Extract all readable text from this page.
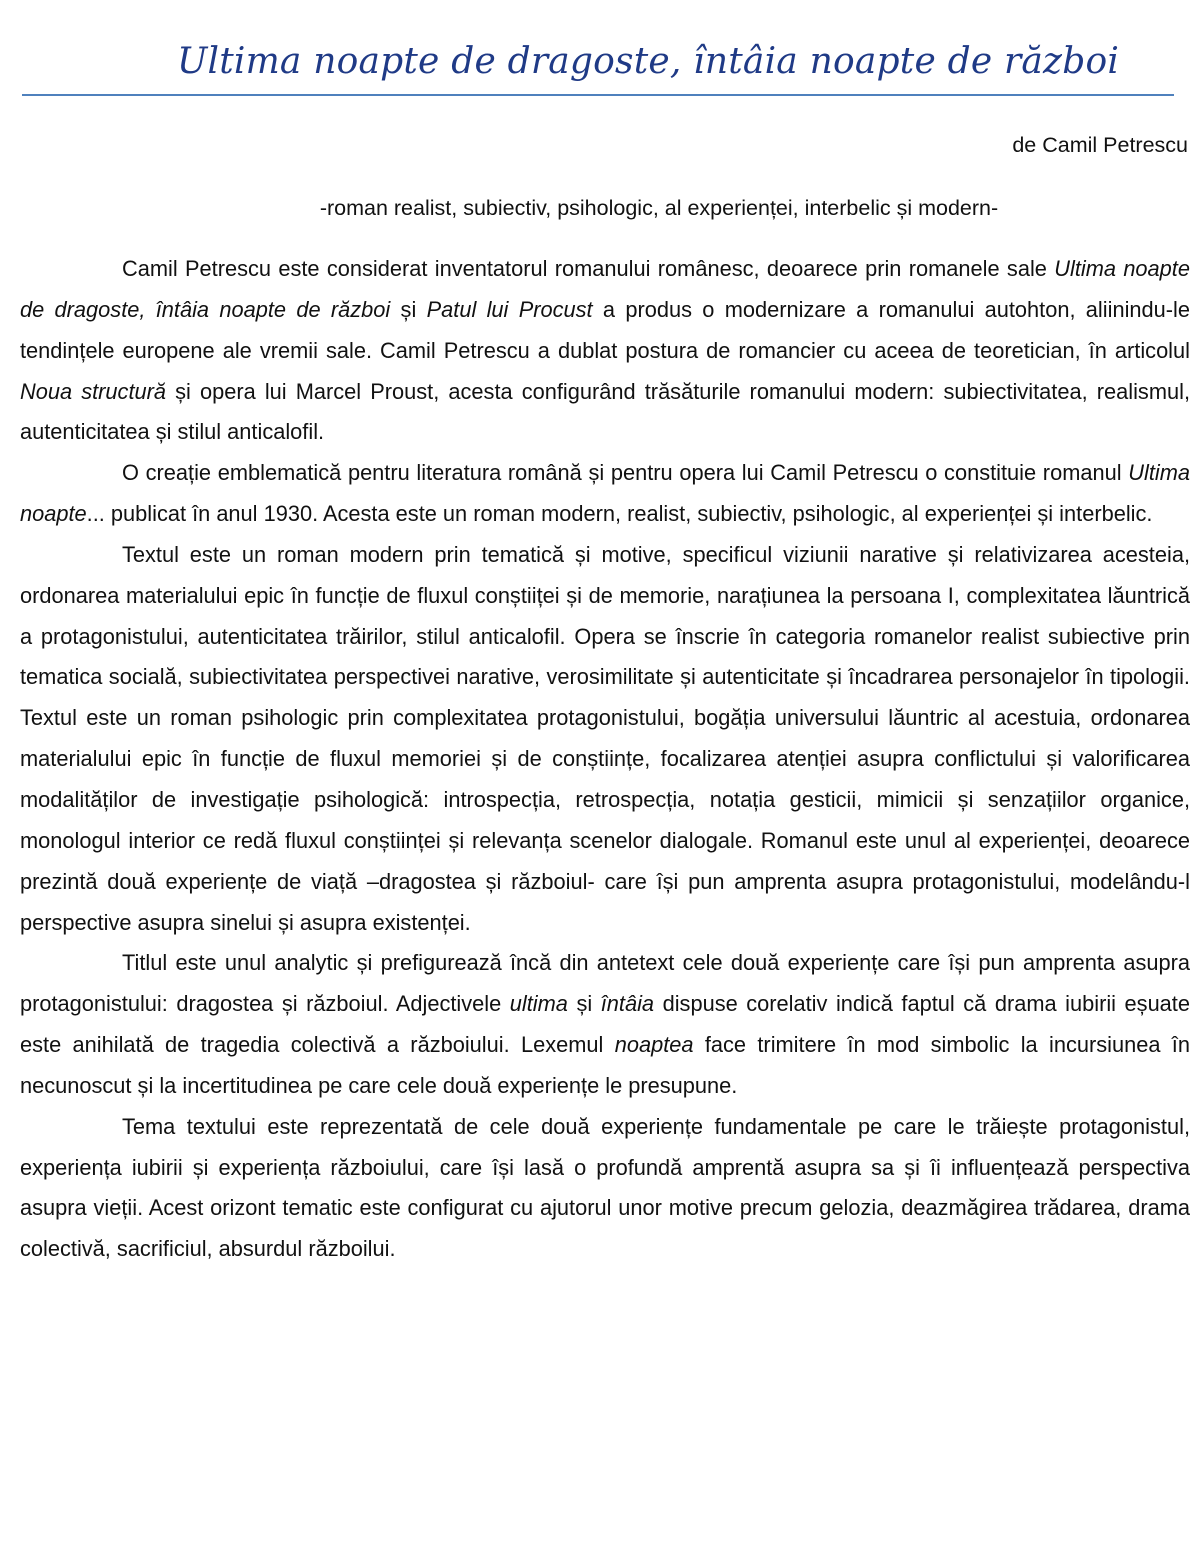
Ultima noapte de dragoste, întâia noapte de război
de Camil Petrescu
-roman realist, subiectiv, psihologic, al experienței, interbelic și modern-

Camil Petrescu este considerat inventatorul romanului românesc, deoarece prin romanele sale Ultima noapte de dragoste, întâia noapte de război și Patul lui Procust a produs o modernizare a romanului autohton, aliinindu-le tendințele europene ale vremii sale. Camil Petrescu a dublat postura de romancier cu aceea de teoretician, în articolul Noua structură și opera lui Marcel Proust, acesta configurând trăsăturile romanului modern: subiectivitatea, realismul, autenticitatea și stilul anticalofil.

O creație emblematică pentru literatura română și pentru opera lui Camil Petrescu o constituie romanul Ultima noapte... publicat în anul 1930. Acesta este un roman modern, realist, subiectiv, psihologic, al experienței și interbelic.

Textul este un roman modern prin tematică și motive, specificul viziunii narative și relativizarea acesteia, ordonarea materialului epic în funcție de fluxul conștiiței și de memorie, narațiunea la persoana I, complexitatea lăuntrică a protagonistului, autenticitatea trăirilor, stilul anticalofil. Opera se înscrie în categoria romanelor realist subiective prin tematica socială, subiectivitatea perspectivei narative, verosimilitate și autenticitate și încadrarea personajelor în tipologii. Textul este un roman psihologic prin complexitatea protagonistului, bogăția universului lăuntric al acestuia, ordonarea materialului epic în funcție de fluxul memoriei și de conștiințe, focalizarea atenției asupra conflictului și valorificarea modalităților de investigație psihologică: introspecția, retrospecția, notația gesticii, mimicii și senzațiilor organice, monologul interior ce redă fluxul conștiinței și relevanța scenelor dialogale. Romanul este unul al experienței, deoarece prezintă două experiențe de viață –dragostea și războiul- care își pun amprenta asupra protagonistului, modelându-l perspective asupra sinelui și asupra existenței.

Titlul este unul analytic și prefigurează încă din antetext cele două experiențe care își pun amprenta asupra protagonistului: dragostea și războiul. Adjectivele ultima și întâia dispuse corelativ indică faptul că drama iubirii eșuate este anihilată de tragedia colectivă a războiului. Lexemul noaptea face trimitere în mod simbolic la incursiunea în necunoscut și la incertitudinea pe care cele două experiențe le presupune.

Tema textului este reprezentată de cele două experiențe fundamentale pe care le trăiește protagonistul, experiența iubirii și experiența războiului, care își lasă o profundă amprentă asupra sa și îi influențează perspectiva asupra vieții. Acest orizont tematic este configurat cu ajutorul unor motive precum gelozia, deazmăgirea trădarea, drama colectivă, sacrificiul, absurdul războilui.
